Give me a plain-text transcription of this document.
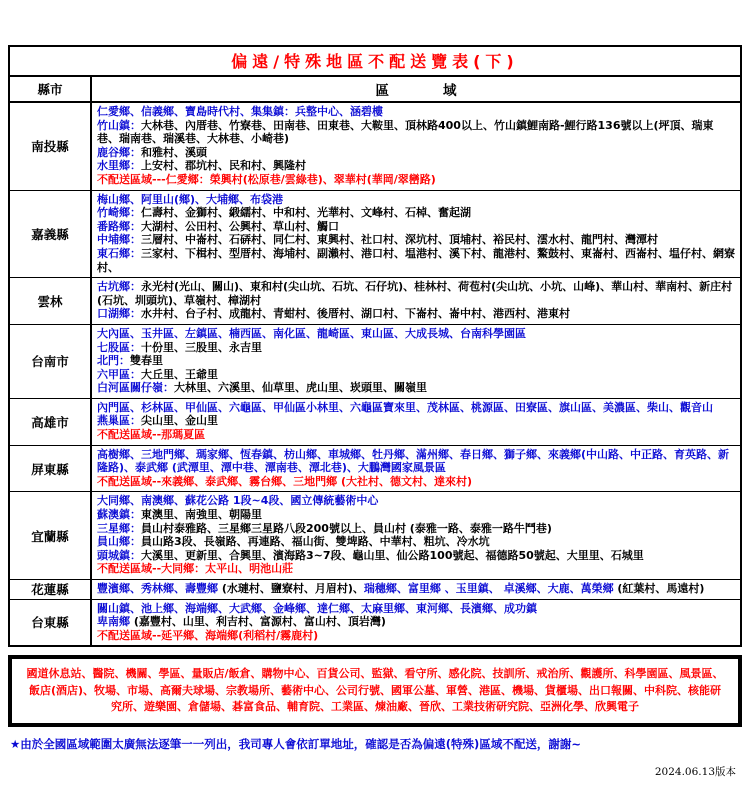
偏遠/特殊地區不配送覽表(下)
縣市	區　　　　域
南投縣
仁愛鄉、信義鄉、寶島時代村、集集鎮：兵整中心、涵碧樓
竹山鎮：大林巷、內厝巷、竹寮巷、田南巷、田東巷、大鞍里、頂林路400以上、竹山鎮鯉南路-鯉行路136號以上(坪頂、瑞東巷、瑞南巷、瑞溪巷、大林巷、小崎巷)
鹿谷鄉：和雅村、溪頭
水里鄉：上安村、郡坑村、民和村、興隆村
不配送區域---仁愛鄉：榮興村(松原巷/雲綠巷)、翠華村(華岡/翠巒路)
嘉義縣
梅山鄉、阿里山(鄉)、大埔鄉、布袋港
竹崎鄉：仁壽村、金獅村、緞繻村、中和村、光華村、文峰村、石棹、奮起湖
番路鄉：大湖村、公田村、公興村、草山村、觸口
中埔鄉：三層村、中崙村、石硦村、同仁村、東興村、社口村、深坑村、頂埔村、裕民村、澐水村、龍門村、灣潭村
東石鄉：三家村、下楫村、型厝村、海埔村、副瀨村、港口村、塭港村、溪下村、龍港村、鰲鼓村、東崙村、西崙村、塭仔村、網寮村、
雲林
古坑鄉：永光村(光山、關山)、東和村(尖山坑、石坑、石仔坑)、桂林村、荷苞村(尖山坑、小坑、山峰)、華山村、華南村、新庄村(石坑、圳頭坑)、草嶺村、樟湖村
口湖鄉：水井村、台子村、成龍村、青蚶村、後厝村、湖口村、下崙村、崙中村、港西村、港東村
台南市
大內區、玉井區、左鎮區、楠西區、南化區、龍崎區、東山區、大成長城、台南科學園區
七股區：十份里、三股里、永吉里
北門：雙春里
六甲區：大丘里、王爺里
白河區關仔嶺：大林里、六溪里、仙草里、虎山里、崁頭里、關嶺里
高雄市
內門區、杉林區、甲仙區、六龜區、甲仙區小林里、六龜區寶來里、茂林區、桃源區、田寮區、旗山區、美濃區、柴山、觀音山
燕巢區：尖山里、金山里
不配送區域--那瑪夏區
屏東縣
高樹鄉、三地門鄉、瑪家鄉、恆春鎮、枋山鄉、車城鄉、牡丹鄉、滿州鄉、春日鄉、獅子鄉、來義鄉(中山路、中正路、育英路、新隆路)、泰武鄉 (武潭里、潭中巷、潭南巷、潭北巷)、大鵬灣國家風景區
不配送區域--來義鄉、泰武鄉、霧台鄉、三地門鄉 (大社村、德文村、達來村)
宜蘭縣
大同鄉、南澳鄉、蘇花公路 1段~4段、國立傳統藝術中心
蘇澳鎮：東澳里、南強里、朝陽里
三星鄉：員山村泰雅路、三星鄉三星路八段200號以上、員山村 (泰雅一路、泰雅一路牛鬥巷)
員山鄉：員山路3段、長嶺路、再連路、福山街、雙埤路、中華村、粗坑、冷水坑
頭城鎮：大溪里、更新里、合興里、濱海路3~7段、龜山里、仙公路100號起、福德路50號起、大里里、石城里
不配送區域--大同鄉：太平山、明池山莊
花蓮縣	豐濱鄉、秀林鄉、壽豐鄉 (水璉村、鹽寮村、月眉村)、瑞穗鄉、富里鄉 、玉里鎮、 卓溪鄉、大鹿、萬榮鄉 (紅葉村、馬遠村)
台東縣
關山鎮、池上鄉、海端鄉、大武鄉、金峰鄉、達仁鄉、太麻里鄉、東河鄉、長濱鄉、成功鎮
卑南鄉 (嘉豐村、山里、利吉村、富源村、富山村、頂岩灣)
不配送區域--延平鄉、海端鄉(利稻村/霧鹿村)
國道休息站、醫院、機關、學區、量販店/飯倉、購物中心、百貨公司、監獄、看守所、感化院、技訓所、戒治所、觀護所、科學園區、風景區、飯店(酒店)、牧場、市場、高爾夫球場、宗教場所、藝術中心、公司行號、國軍公墓、軍營、港區、機場、貨櫃場、出口報關、中科院、核能研究所、遊樂園、倉儲場、碁富食品、輔育院、工業區、煉油廠、晉欣、工業技術研究院、亞洲化學、欣興電子
★由於全國區域範圍太廣無法逐筆一一列出，我司專人會依訂單地址，確認是否為偏遠(特殊)區域不配送，謝謝~
2024.06.13版本
